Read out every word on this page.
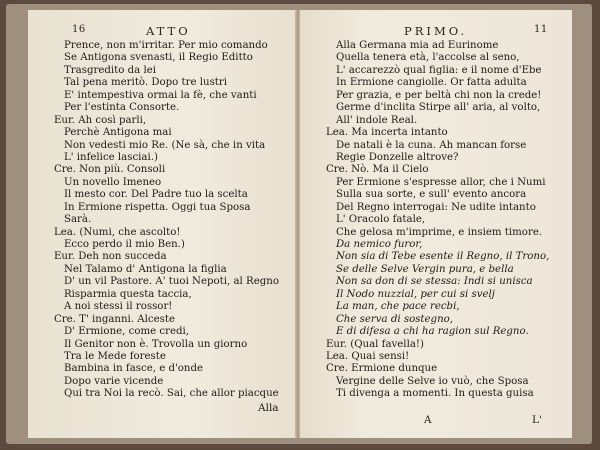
16	ATTO
Prence, non m'irritar. Per mio comando
Se Antigona svenasti, il Regio Editto
Trasgredito da lei
Tal pena meritò. Dopo tre lustri
E' intempestiva ormai la fè, che vanti
Per l'estinta Consorte.
Eur. Ah così parli,
Perchè Antigona mai
Non vedesti mio Re. (Ne sà, che in vita
L' infelice lasciai.)
Cre. Non più. Consoli
Un novello Imeneo
Il mesto cor. Del Padre tuo la scelta
In Ermione rispetta. Oggi tua Sposa
Sarà.
Lea. (Numi, che ascolto!
Ecco perdo il mio Ben.)
Eur. Deh non succeda
Nel Talamo d' Antigona la figlia
D' un vil Pastore. A' tuoi Nepoti, al Regno
Risparmia questa taccia,
A noi stessi il rossor!
Cre. T' inganni. Alceste
D' Ermione, come credi,
Il Genitor non è. Trovolla un giorno
Tra le Mede foreste
Bambina in fasce, e d'onde
Dopo varie vicende
Qui tra Noi la recò. Sai, che allor piacque
Alla
PRIMO.	11
Alla Germana mia ad Eurinome
Quella tenera età, l'accolse al seno,
L' accarezzò qual figlia: e il nome d'Ebe
In Ermione cangiolle. Or fatta adulta
Per grazia, e per beltà chi non la crede!
Germe d'inclita Stirpe all' aria, al volto,
All' indole Real.
Lea. Ma incerta intanto
De natali è la cuna. Ah mancan forse
Regie Donzelle altrove?
Cre. Nò. Ma il Cielo
Per Ermione s'espresse allor, che i Numi
Sulla sua sorte, e sull' evento ancora
Del Regno interrogai: Ne udite intanto
L' Oracolo fatale,
Che gelosa m'imprime, e insiem timore.
Da nemico furor,
Non sia di Tebe esente il Regno, il Trono,
Se delle Selve Vergin pura, e bella
Non sa don di se stessa: Indi si unisca
Il Nodo nuzzial, per cui si svelj
La man, che pace recbi,
Che serva di sostegno,
E di difesa a chi ha ragion sul Regno.
Eur. (Qual favella!)
Lea. Quai sensi!
Cre. Ermione dunque
Vergine delle Selve io vuò, che Sposa
Ti divenga a momenti. In questa guisa
A	L'
